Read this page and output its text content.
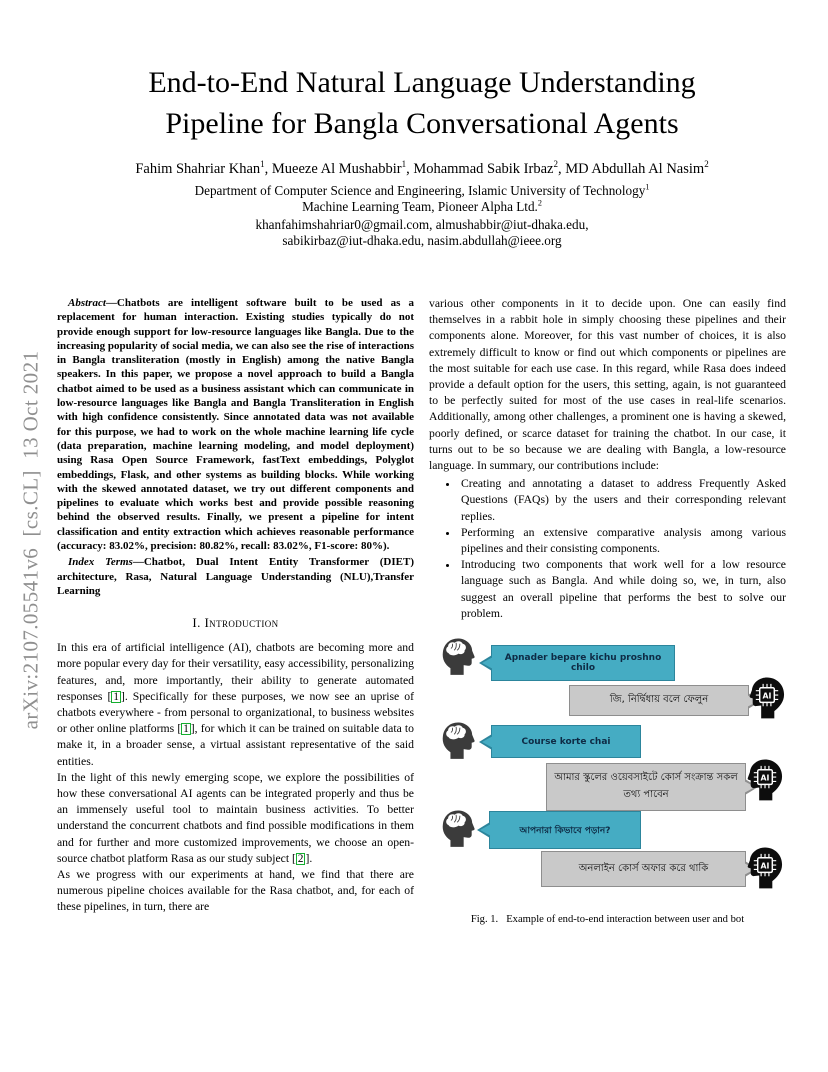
arXiv:2107.05541v6  [cs.CL]  13 Oct 2021
End-to-End Natural Language Understanding
Pipeline for Bangla Conversational Agents
Fahim Shahriar Khan$^1$, Mueeze Al Mushabbir$^1$, Mohammad Sabik Irbaz$^2$, MD Abdullah Al Nasim$^2$
Department of Computer Science and Engineering, Islamic University of Technology$^1$
Machine Learning Team, Pioneer Alpha Ltd.$^2$
khanfahimshahriar0@gmail.com, almushabbir@iut-dhaka.edu,
sabikirbaz@iut-dhaka.edu, nasim.abdullah@ieee.org

Abstract—Chatbots are intelligent software built to be used as a replacement for human interaction. Existing studies typically do not provide enough support for low-resource languages like Bangla. Due to the increasing popularity of social media, we can also see the rise of interactions in Bangla transliteration (mostly in English) among the native Bangla speakers. In this paper, we propose a novel approach to build a Bangla chatbot aimed to be used as a business assistant which can communicate in low-resource languages like Bangla and Bangla Transliteration in English with high confidence consistently. Since annotated data was not available for this purpose, we had to work on the whole machine learning life cycle (data preparation, machine learning modeling, and model deployment) using Rasa Open Source Framework, fastText embeddings, Polyglot embeddings, Flask, and other systems as building blocks. While working with the skewed annotated dataset, we try out different components and pipelines to evaluate which works best and provide possible reasoning behind the observed results. Finally, we present a pipeline for intent classification and entity extraction which achieves reasonable performance (accuracy: 83.02%, precision: 80.82%, recall: 83.02%, F1-score: 80%).

Index Terms—Chatbot, Dual Intent Entity Transformer (DIET) architecture, Rasa, Natural Language Understanding (NLU),Transfer Learning

I. Introduction

In this era of artificial intelligence (AI), chatbots are becoming more and more popular every day for their versatility, easy accessibility, personalizing features, and, more importantly, their ability to generate automated responses [ 1 ]. Specifically for these purposes, we now see an uprise of chatbots everywhere - from personal to organizational, to business websites or other online platforms [ 1 ], for which it can be trained on suitable data to make it, in a broader sense, a virtual assistant representative of the said entities.

In the light of this newly emerging scope, we explore the possibilities of how these conversational AI agents can be integrated properly and thus be an immensely useful tool to maintain business activities. To better understand the concurrent chatbots and find possible modifications in them and for further and more customized improvements, we choose an open-source chatbot platform Rasa as our study subject [ 2 ].

As we progress with our experiments at hand, we find that there are numerous pipeline choices available for the Rasa chatbot, and, for each of these pipelines, in turn, there are

various other components in it to decide upon. One can easily find themselves in a rabbit hole in simply choosing these pipelines and their components alone. Moreover, for this vast number of choices, it is also extremely difficult to know or find out which components or pipelines are the most suitable for each use case. In this regard, while Rasa does indeed provide a default option for the users, this setting, again, is not guaranteed to be perfectly suited for most of the use cases in real-life scenarios. Additionally, among other challenges, a prominent one is having a skewed, poorly defined, or scarce dataset for training the chatbot. In our case, it turns out to be so because we are dealing with Bangla, a low-resource language. In summary, our contributions include:

• Creating and annotating a dataset to address Frequently Asked Questions (FAQs) by the users and their corresponding relevant replies.
• Performing an extensive comparative analysis among various pipelines and their consisting components.
• Introducing two components that work well for a low resource language such as Bangla. And while doing so, we, in turn, also suggest an overall pipeline that performs the best to solve our problem.
Apnader bepare kichu proshno chilo
জি, নির্দ্বিধায় বলে ফেলুন
Course korte chai
আমার স্কুলের ওয়েবসাইটে কোর্স সংক্রান্ত সকল তথ্য পাবেন
আপনারা কিভাবে পড়ান?
অনলাইন কোর্স অফার করে থাকি
Fig. 1. Example of end-to-end interaction between user and bot
